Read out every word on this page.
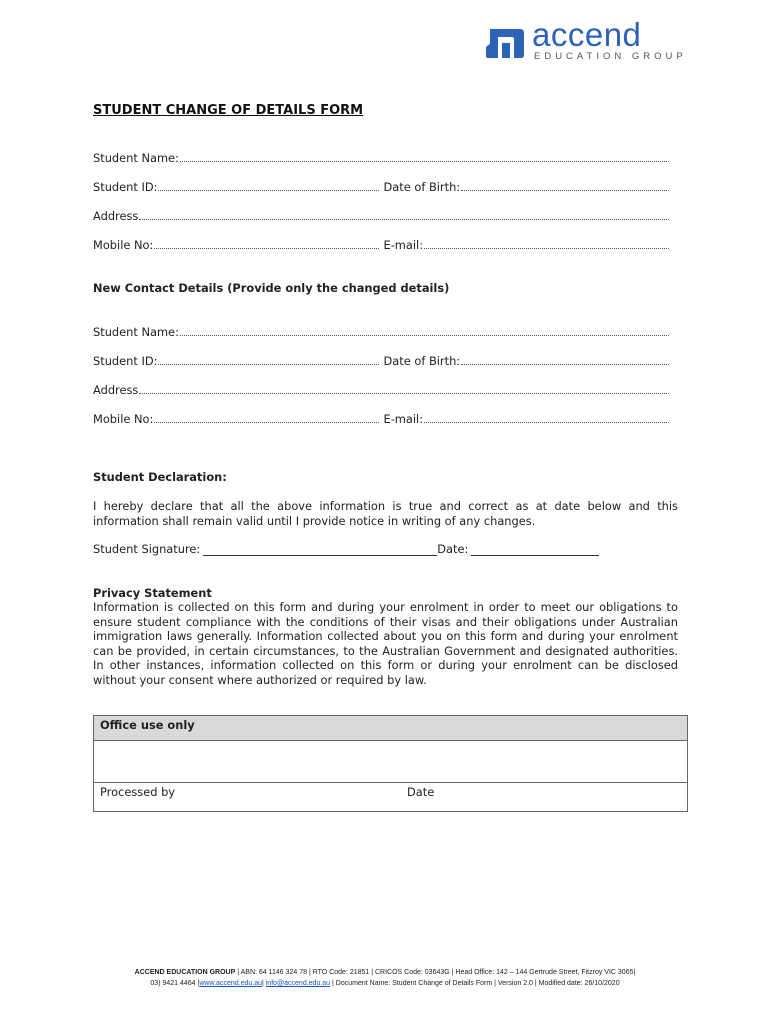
accend
EDUCATION GROUP
STUDENT CHANGE OF DETAILS FORM
Student Name:
Student ID:	Date of Birth:
Address
Mobile No:	E-mail:
New Contact Details (Provide only the changed details)
Student Name:
Student ID:	Date of Birth:
Address
Mobile No:	E-mail:
Student Declaration:
I hereby declare that all the above information is true and correct as at date below and this information shall remain valid until I provide notice in writing of any changes.
Student Signature:	Date:
Privacy Statement
Information is collected on this form and during your enrolment in order to meet our obligations to ensure student compliance with the conditions of their visas and their obligations under Australian immigration laws generally. Information collected about you on this form and during your enrolment can be provided, in certain circumstances, to the Australian Government and designated authorities. In other instances, information collected on this form or during your enrolment can be disclosed without your consent where authorized or required by law.
Office use only
Processed by	Date
ACCEND EDUCATION GROUP | ABN: 64 1146 324 78 | RTO Code: 21851 | CRICOS Code: 03643G | Head Office: 142 – 144 Gertrude Street, Fitzroy VIC 3065|
03) 9421 4464 |www.accend.edu.au| info@accend.edu.au | Document Name: Student Change of Details Form | Version 2.0 | Modified date: 26/10/2020
